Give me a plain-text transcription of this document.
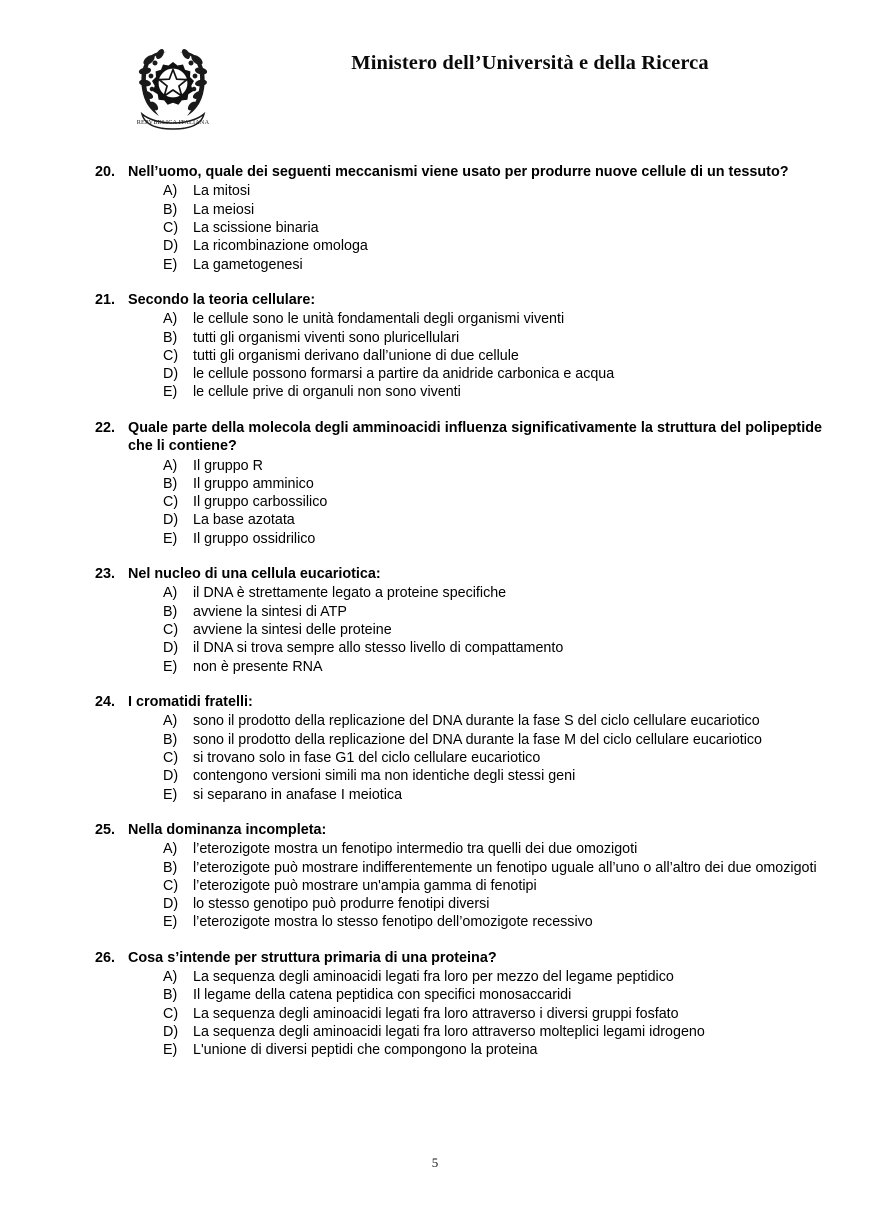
REPVBBLICA ITALIANA
Ministero dell’Università e della Ricerca
20. Nell’uomo, quale dei seguenti meccanismi viene usato per produrre nuove cellule di un tessuto?
A) La mitosi
B) La meiosi
C) La scissione binaria
D) La ricombinazione omologa
E) La gametogenesi
21. Secondo la teoria cellulare:
A) le cellule sono le unità fondamentali degli organismi viventi
B) tutti gli organismi viventi sono pluricellulari
C) tutti gli organismi derivano dall’unione di due cellule
D) le cellule possono formarsi a partire da anidride carbonica e acqua
E) le cellule prive di organuli non sono viventi
22. Quale parte della molecola degli amminoacidi influenza significativamente la struttura del polipeptide che li contiene?
A) Il gruppo R
B) Il gruppo amminico
C) Il gruppo carbossilico
D) La base azotata
E) Il gruppo ossidrilico
23. Nel nucleo di una cellula eucariotica:
A) il DNA è strettamente legato a proteine specifiche
B) avviene la sintesi di ATP
C) avviene la sintesi delle proteine
D) il DNA si trova sempre allo stesso livello di compattamento
E) non è presente RNA
24. I cromatidi fratelli:
A) sono il prodotto della replicazione del DNA durante la fase S del ciclo cellulare eucariotico
B) sono il prodotto della replicazione del DNA durante la fase M del ciclo cellulare eucariotico
C) si trovano solo in fase G1 del ciclo cellulare eucariotico
D) contengono versioni simili ma non identiche degli stessi geni
E) si separano in anafase I meiotica
25. Nella dominanza incompleta:
A) l’eterozigote mostra un fenotipo intermedio tra quelli dei due omozigoti
B) l’eterozigote può mostrare indifferentemente un fenotipo uguale all’uno o all’altro dei due omozigoti
C) l’eterozigote può mostrare un'ampia gamma di fenotipi
D) lo stesso genotipo può produrre fenotipi diversi
E) l’eterozigote mostra lo stesso fenotipo dell’omozigote recessivo
26. Cosa s’intende per struttura primaria di una proteina?
A) La sequenza degli aminoacidi legati fra loro per mezzo del legame peptidico
B) Il legame della catena peptidica con specifici monosaccaridi
C) La sequenza degli aminoacidi legati fra loro attraverso i diversi gruppi fosfato
D) La sequenza degli aminoacidi legati fra loro attraverso molteplici legami idrogeno
E) L'unione di diversi peptidi che compongono la proteina
5
